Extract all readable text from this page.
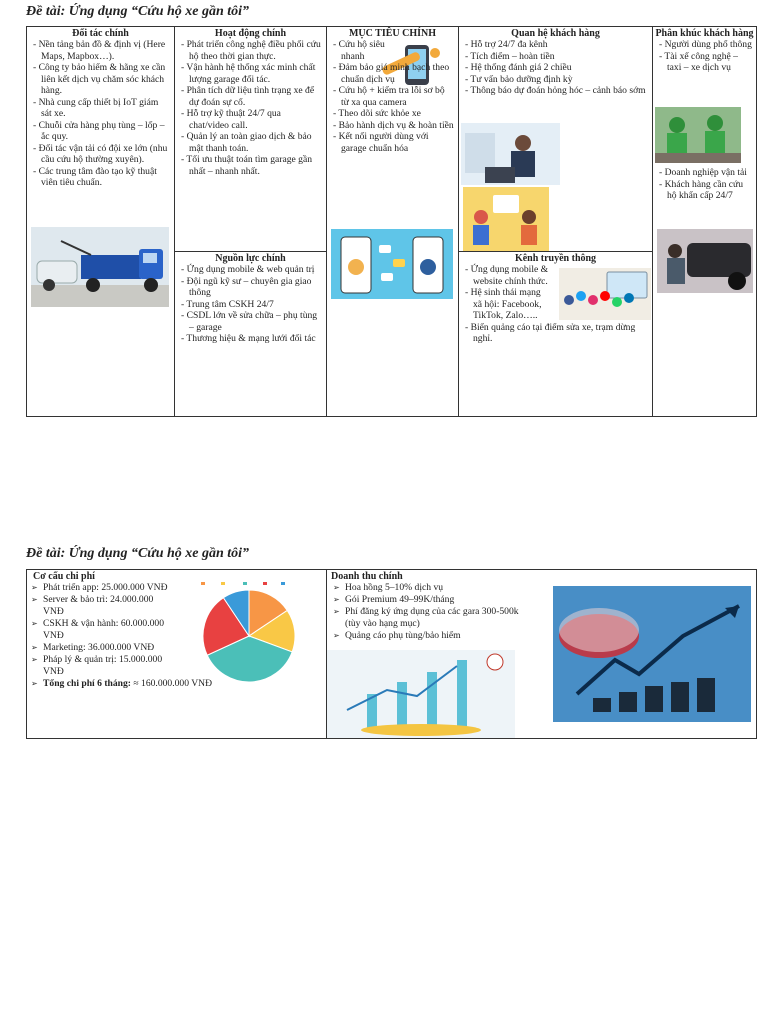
Đề tài: Ứng dụng “Cứu hộ xe gần tôi”
Đối tác chính
- Nền tảng bản đồ & định vị (Here Maps, Mapbox…).
- Công ty bảo hiểm & hãng xe cần liên kết dịch vụ chăm sóc khách hàng.
- Nhà cung cấp thiết bị IoT giám sát xe.
- Chuỗi cửa hàng phụ tùng – lốp – ắc quy.
- Đối tác vận tải có đội xe lớn (nhu cầu cứu hộ thường xuyên).
- Các trung tâm đào tạo kỹ thuật viên tiêu chuẩn.
Hoạt động chính
- Phát triển công nghệ điều phối cứu hộ theo thời gian thực.
- Vận hành hệ thống xác minh chất lượng garage đối tác.
- Phân tích dữ liệu tình trạng xe để dự đoán sự cố.
- Hỗ trợ kỹ thuật 24/7 qua chat/video call.
- Quản lý an toàn giao dịch & bảo mật thanh toán.
- Tối ưu thuật toán tìm garage gần nhất – nhanh nhất.
Nguồn lực chính
- Ứng dụng mobile & web quản trị
- Đội ngũ kỹ sư – chuyên gia giao thông
- Trung tâm CSKH 24/7
- CSDL lớn về sửa chữa – phụ tùng – garage
- Thương hiệu & mạng lưới đối tác
MỤC TIÊU CHÍNH
- Cứu hộ siêu nhanh
- Đảm bảo giá minh bạch theo chuẩn dịch vụ
- Cứu hộ + kiểm tra lỗi sơ bộ từ xa qua camera
- Theo dõi sức khỏe xe
- Bảo hành dịch vụ & hoàn tiền
- Kết nối người dùng với garage chuẩn hóa
Quan hệ khách hàng
- Hỗ trợ 24/7 đa kênh
- Tích điểm – hoàn tiền
- Hệ thống đánh giá 2 chiều
- Tư vấn bảo dưỡng định kỳ
- Thông báo dự đoán hỏng hóc – cảnh báo sớm
Kênh truyền thông
- Ứng dụng mobile & website chính thức.
- Hệ sinh thái mạng xã hội: Facebook, TikTok, Zalo…..
- Biển quảng cáo tại điểm sửa xe, trạm dừng nghỉ.
Phân khúc khách hàng
- Người dùng phổ thông
- Tài xế công nghệ – taxi – xe dịch vụ
- Doanh nghiệp vận tải
- Khách hàng cần cứu hộ khẩn cấp 24/7
Đề tài: Ứng dụng “Cứu hộ xe gần tôi”
Cơ cấu chi phí
➢ Phát triển app: 25.000.000 VNĐ
➢ Server & bảo trì: 24.000.000 VNĐ
➢ CSKH & vận hành: 60.000.000 VNĐ
➢ Marketing: 36.000.000 VNĐ
➢ Pháp lý & quản trị: 15.000.000 VNĐ
➢ Tổng chi phí 6 tháng: ≈ 160.000.000 VNĐ
Doanh thu chính
➢ Hoa hồng 5–10% dịch vụ
➢ Gói Premium 49–99K/tháng
➢ Phí đăng ký ứng dụng của các gara 300-500k (tùy vào hạng mục)
➢ Quảng cáo phụ tùng/bảo hiểm
